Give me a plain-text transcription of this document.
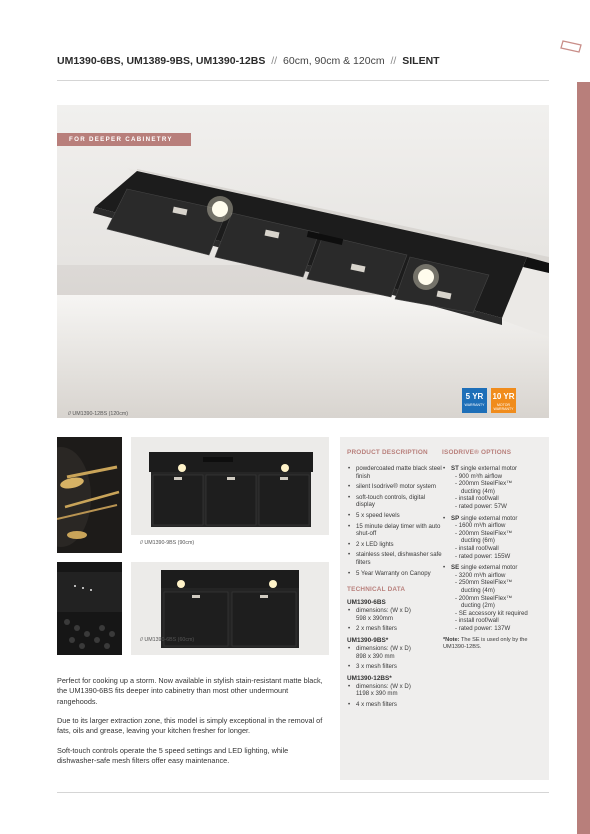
UM1390-6BS, UM1389-9BS, UM1390-12BS // 60cm, 90cm & 120cm // SILENT
FOR DEEPER CABINETRY
5 YR
WARRANTY
10 YR
MOTOR WARRANTY
// UM1390-12BS (120cm)
// UM1390-9BS (90cm)
// UM1390-6BS (60cm)

Perfect for cooking up a storm. Now available in stylish stain-resistant matte black, the UM1390-6BS fits deeper into cabinetry than most other undermount rangehoods.

Due to its larger extraction zone, this model is simply exceptional in the removal of fats, oils and grease, leaving your kitchen fresher for longer.

Soft-touch controls operate the 5 speed settings and LED lighting, while dishwasher-safe mesh filters offer easy maintenance.

PRODUCT DESCRIPTION
• powdercoated matte black steel finish
• silent Isodrive® motor system
• soft-touch controls, digital display
• 5 x speed levels
• 15 minute delay timer with auto shut-off
• 2 x LED lights
• stainless steel, dishwasher safe filters
• 5 Year Warranty on Canopy
TECHNICAL DATA
UM1390-6BS
• dimensions: (W x D)
598 x 390mm
• 2 x mesh filters
UM1390-9BS*
• dimensions: (W x D)
898 x 390 mm
• 3 x mesh filters
UM1390-12BS*
• dimensions: (W x D)
1198 x 390 mm
• 4 x mesh filters
ISODRIVE® OPTIONS
• ST single external motor
- 900 m³/h airflow
- 200mm SteelFlex™
ducting (4m)
- install roof/wall
- rated power: 57W
• SP single external motor
- 1600 m³/h airflow
- 200mm SteelFlex™
ducting (6m)
- install roof/wall
- rated power: 155W
• SE single external motor
- 3200 m³/h airflow
- 250mm SteelFlex™
ducting (4m)
- 200mm SteelFlex™
ducting (2m)
- SE accessory kit required
- install roof/wall
- rated power: 137W
*Note: The SE is used only by the UM1390-12BS.
